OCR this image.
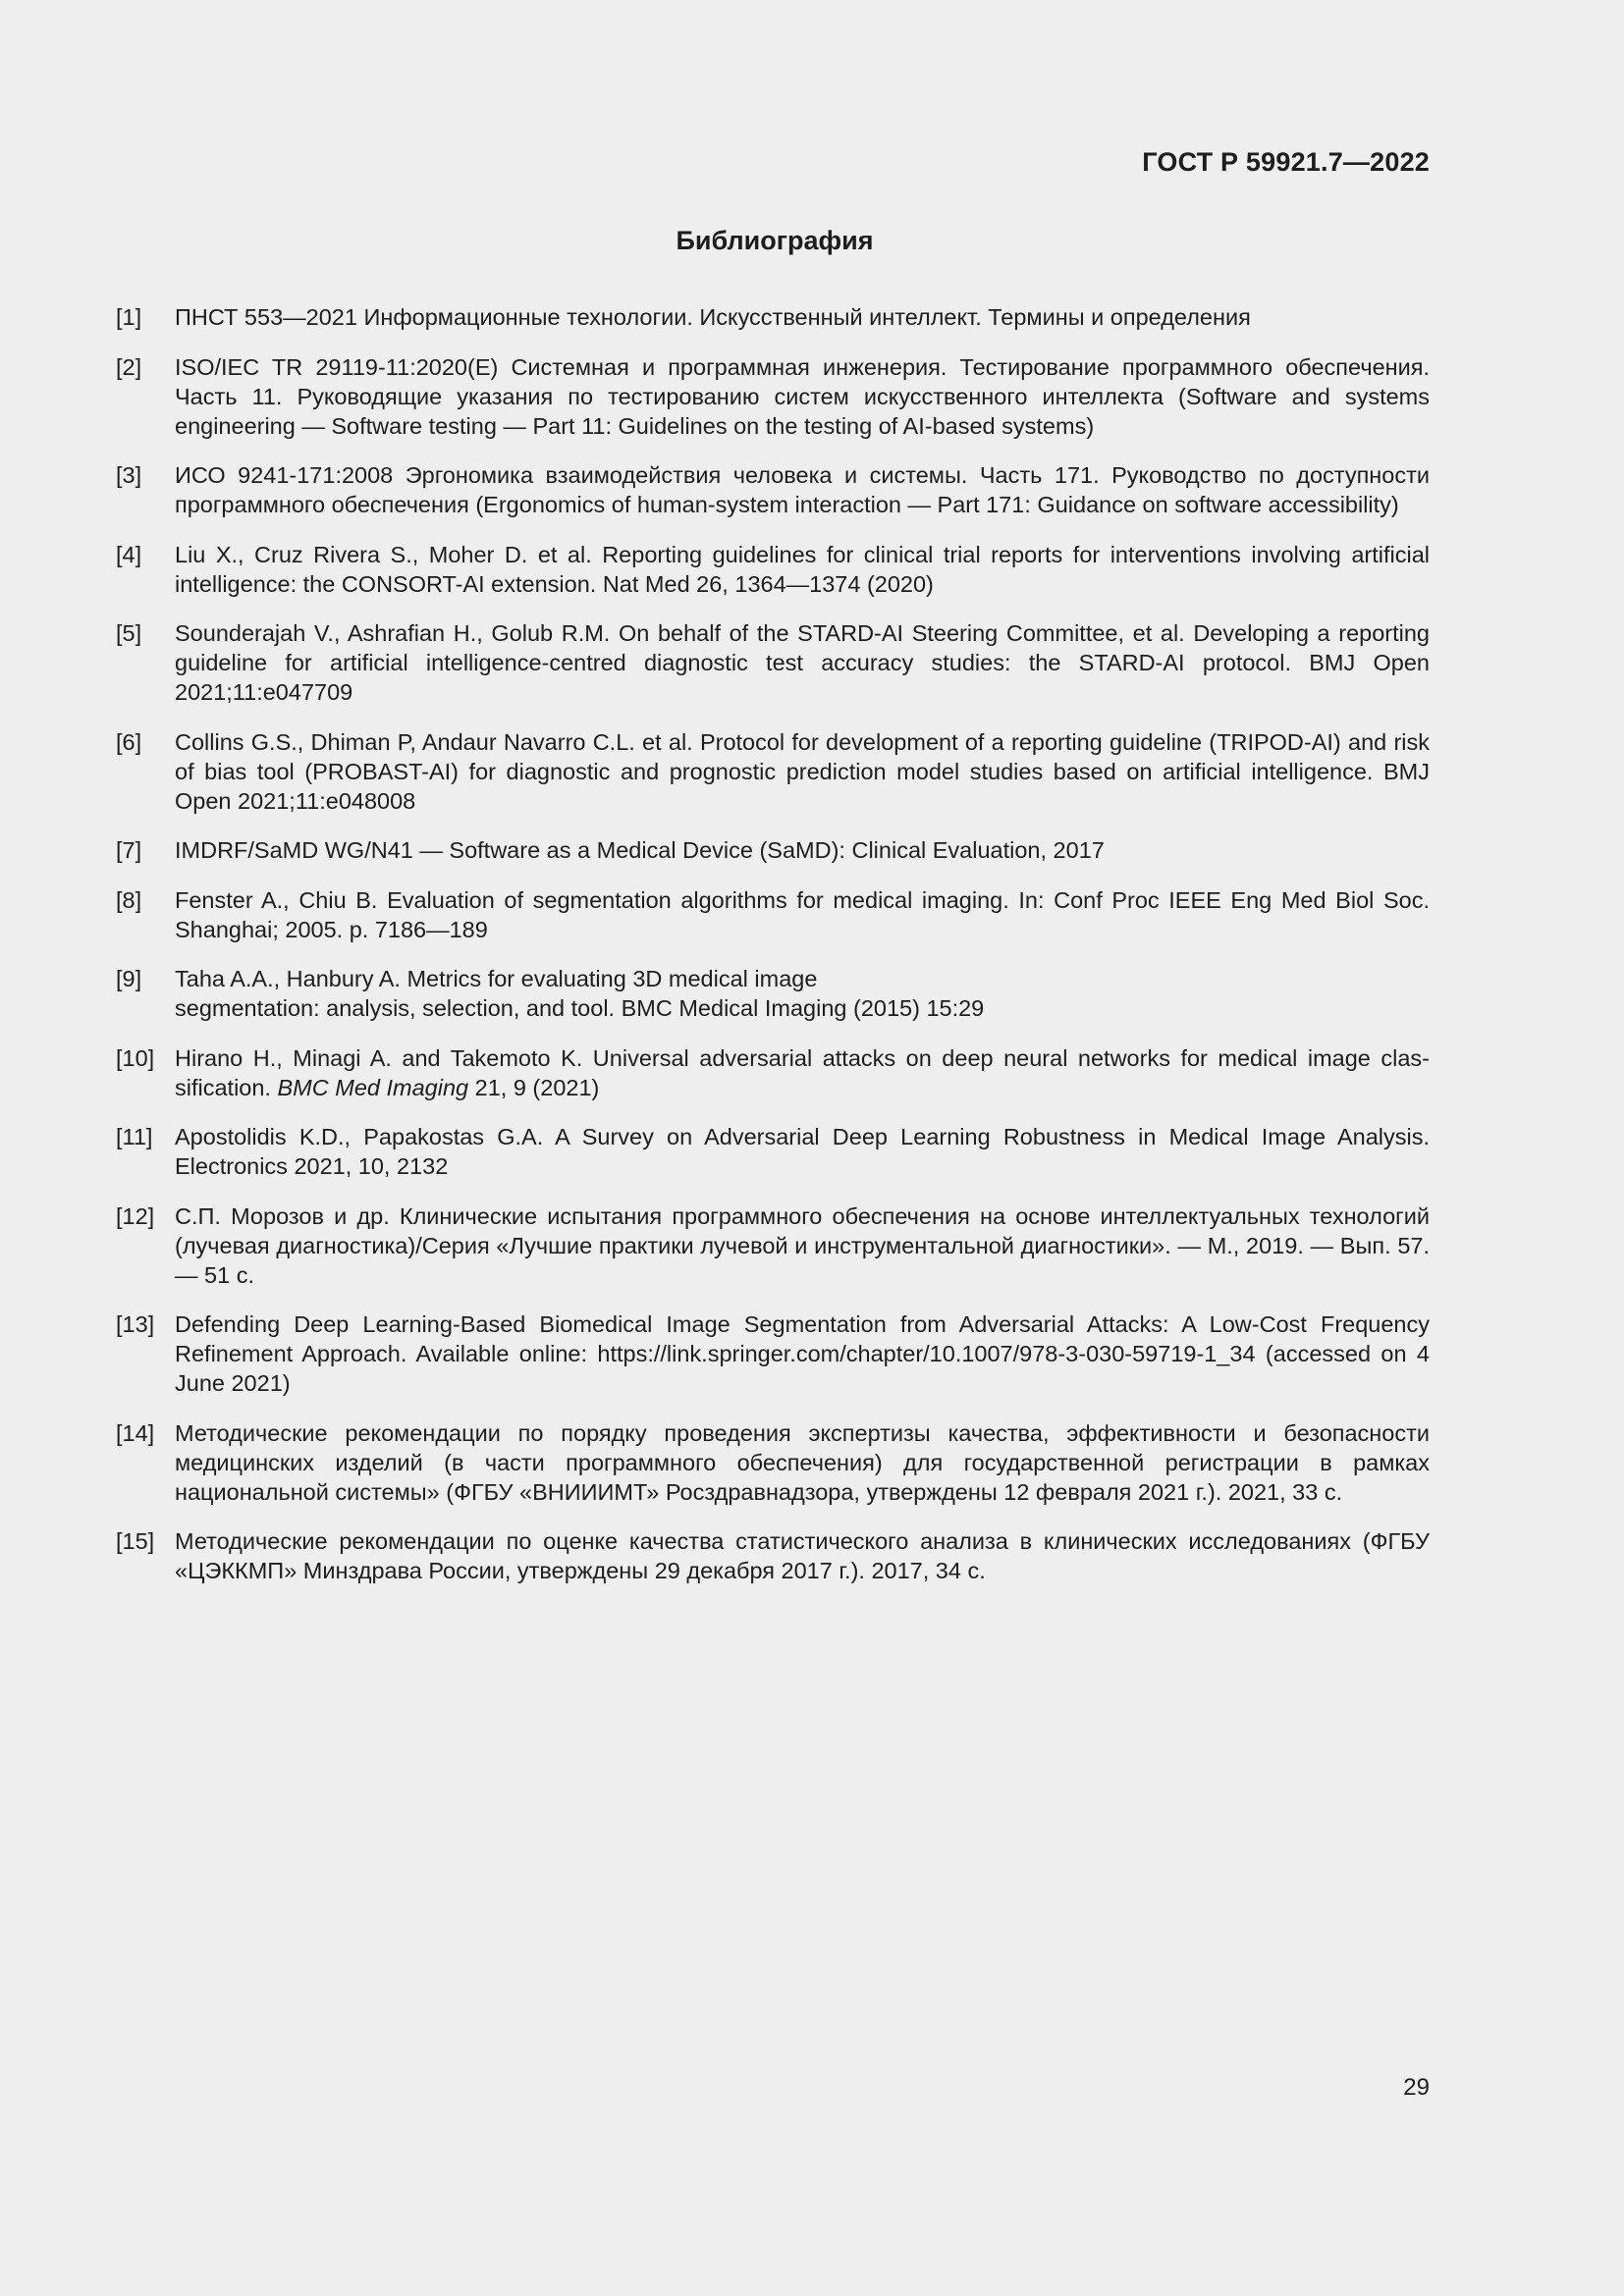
ГОСТ Р 59921.7—2022
Библиография
[1]	ПНСТ 553—2021 Информационные технологии. Искусственный интеллект. Термины и определения
[2]	ISO/IEC TR 29119-11:2020(E) Системная и программная инженерия. Тестирование программного обеспечения. Часть 11. Руководящие указания по тестированию систем искусственного интеллекта (Software and systems engineering — Software testing — Part 11: Guidelines on the testing of AI-based systems)
[3]	ИСО 9241-171:2008 Эргономика взаимодействия человека и системы. Часть 171. Руководство по доступности программного обеспечения (Ergonomics of human-system interaction — Part 171: Guidance on software accessibility)
[4]	Liu X., Cruz Rivera S., Moher D. et al. Reporting guidelines for clinical trial reports for interventions involving artificial intelligence: the CONSORT-AI extension. Nat Med 26, 1364—1374 (2020)
[5]	Sounderajah V., Ashrafian H., Golub R.M. On behalf of the STARD-AI Steering Committee, et al. Developing a reporting guideline for artificial intelligence-centred diagnostic test accuracy studies: the STARD-AI protocol. BMJ Open 2021;11:e047709
[6]	Collins G.S., Dhiman P, Andaur Navarro C.L. et al. Protocol for development of a reporting guideline (TRIPOD-AI) and risk of bias tool (PROBAST-AI) for diagnostic and prognostic prediction model studies based on artificial intelligence. BMJ Open 2021;11:e048008
[7]	IMDRF/SaMD WG/N41 — Software as a Medical Device (SaMD): Clinical Evaluation, 2017
[8]	Fenster A., Chiu B. Evaluation of segmentation algorithms for medical imaging. In: Conf Proc IEEE Eng Med Biol Soc. Shanghai; 2005. p. 7186—189
[9]	Taha A.A., Hanbury A. Metrics for evaluating 3D medical image
segmentation: analysis, selection, and tool. BMC Medical Imaging (2015) 15:29
[10] Hirano H., Minagi A. and Takemoto K. Universal adversarial attacks on deep neural networks for medical image classification. BMC Med Imaging 21, 9 (2021)
[11] Apostolidis K.D., Papakostas G.A. A Survey on Adversarial Deep Learning Robustness in Medical Image Analysis. Electronics 2021, 10, 2132
[12] С.П. Морозов и др. Клинические испытания программного обеспечения на основе интеллектуальных технологий (лучевая диагностика)/Серия «Лучшие практики лучевой и инструментальной диагностики». — М., 2019. — Вып. 57. — 51 с.
[13] Defending Deep Learning-Based Biomedical Image Segmentation from Adversarial Attacks: A Low-Cost Frequency Refinement Approach. Available online: https://link.springer.com/chapter/10.1007/978-3-030-59719-1_34 (accessed on 4 June 2021)
[14] Методические рекомендации по порядку проведения экспертизы качества, эффективности и безопасности медицинских изделий (в части программного обеспечения) для государственной регистрации в рамках национальной системы» (ФГБУ «ВНИИИМТ» Росздравнадзора, утверждены 12 февраля 2021 г.). 2021, 33 с.
[15] Методические рекомендации по оценке качества статистического анализа в клинических исследованиях (ФГБУ «ЦЭККМП» Минздрава России, утверждены 29 декабря 2017 г.). 2017, 34 с.
29
